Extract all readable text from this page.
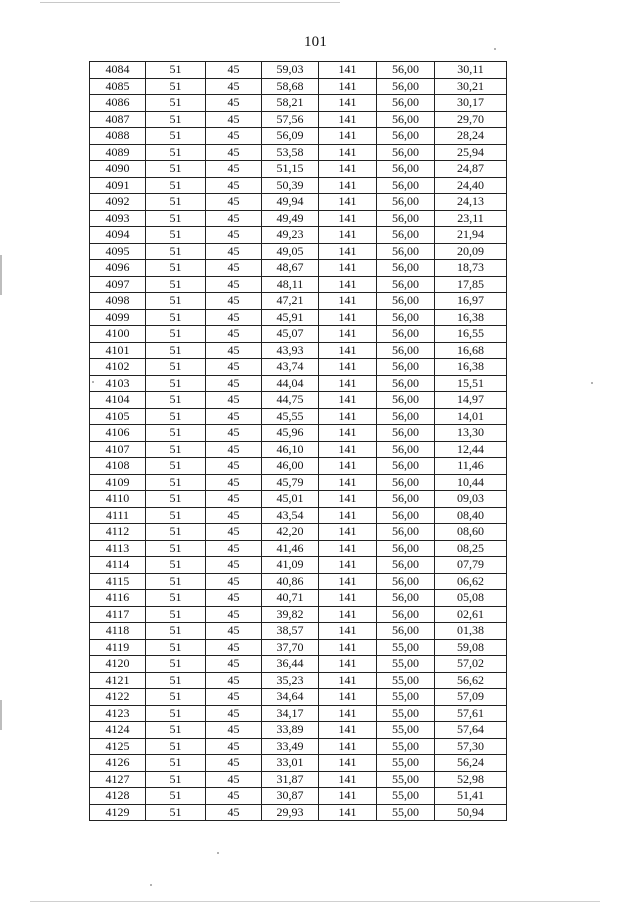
101
4084	51	45	59,03	141	56,00	30,11
4085	51	45	58,68	141	56,00	30,21
4086	51	45	58,21	141	56,00	30,17
4087	51	45	57,56	141	56,00	29,70
4088	51	45	56,09	141	56,00	28,24
4089	51	45	53,58	141	56,00	25,94
4090	51	45	51,15	141	56,00	24,87
4091	51	45	50,39	141	56,00	24,40
4092	51	45	49,94	141	56,00	24,13
4093	51	45	49,49	141	56,00	23,11
4094	51	45	49,23	141	56,00	21,94
4095	51	45	49,05	141	56,00	20,09
4096	51	45	48,67	141	56,00	18,73
4097	51	45	48,11	141	56,00	17,85
4098	51	45	47,21	141	56,00	16,97
4099	51	45	45,91	141	56,00	16,38
4100	51	45	45,07	141	56,00	16,55
4101	51	45	43,93	141	56,00	16,68
4102	51	45	43,74	141	56,00	16,38
4103	51	45	44,04	141	56,00	15,51
4104	51	45	44,75	141	56,00	14,97
4105	51	45	45,55	141	56,00	14,01
4106	51	45	45,96	141	56,00	13,30
4107	51	45	46,10	141	56,00	12,44
4108	51	45	46,00	141	56,00	11,46
4109	51	45	45,79	141	56,00	10,44
4110	51	45	45,01	141	56,00	09,03
4111	51	45	43,54	141	56,00	08,40
4112	51	45	42,20	141	56,00	08,60
4113	51	45	41,46	141	56,00	08,25
4114	51	45	41,09	141	56,00	07,79
4115	51	45	40,86	141	56,00	06,62
4116	51	45	40,71	141	56,00	05,08
4117	51	45	39,82	141	56,00	02,61
4118	51	45	38,57	141	56,00	01,38
4119	51	45	37,70	141	55,00	59,08
4120	51	45	36,44	141	55,00	57,02
4121	51	45	35,23	141	55,00	56,62
4122	51	45	34,64	141	55,00	57,09
4123	51	45	34,17	141	55,00	57,61
4124	51	45	33,89	141	55,00	57,64
4125	51	45	33,49	141	55,00	57,30
4126	51	45	33,01	141	55,00	56,24
4127	51	45	31,87	141	55,00	52,98
4128	51	45	30,87	141	55,00	51,41
4129	51	45	29,93	141	55,00	50,94
